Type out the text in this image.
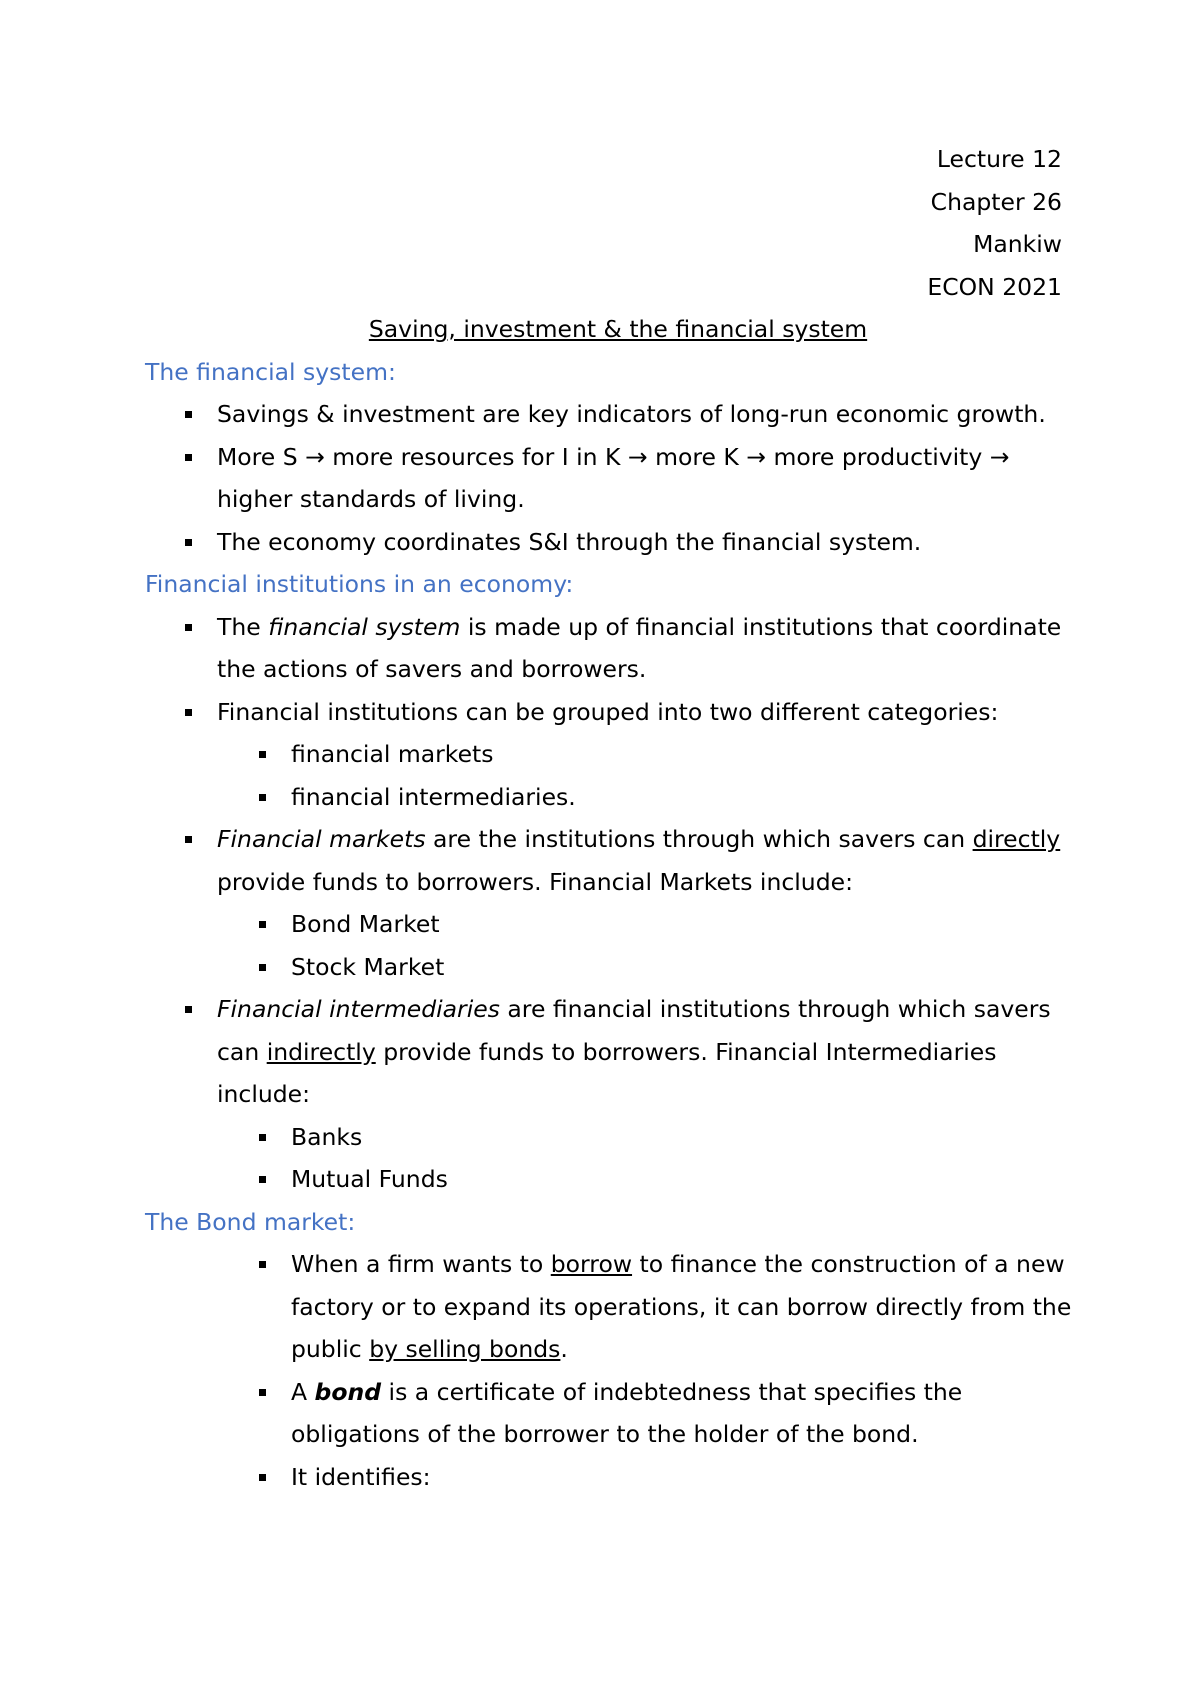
Lecture 12
Chapter 26
Mankiw
ECON 2021
Saving, investment & the financial system
The financial system:
Savings & investment are key indicators of long-run economic growth.
More S → more resources for I in K → more K → more productivity → higher standards of living.
The economy coordinates S&I through the financial system.
Financial institutions in an economy:
The financial system is made up of financial institutions that coordinate the actions of savers and borrowers.
Financial institutions can be grouped into two different categories:
financial markets
financial intermediaries.
Financial markets are the institutions through which savers can directly provide funds to borrowers. Financial Markets include:
Bond Market
Stock Market
Financial intermediaries are financial institutions through which savers can indirectly provide funds to borrowers. Financial Intermediaries include:
Banks
Mutual Funds
The Bond market:
When a firm wants to borrow to finance the construction of a new factory or to expand its operations, it can borrow directly from the public by selling bonds.
A bond is a certificate of indebtedness that specifies the obligations of the borrower to the holder of the bond.
It identifies:
